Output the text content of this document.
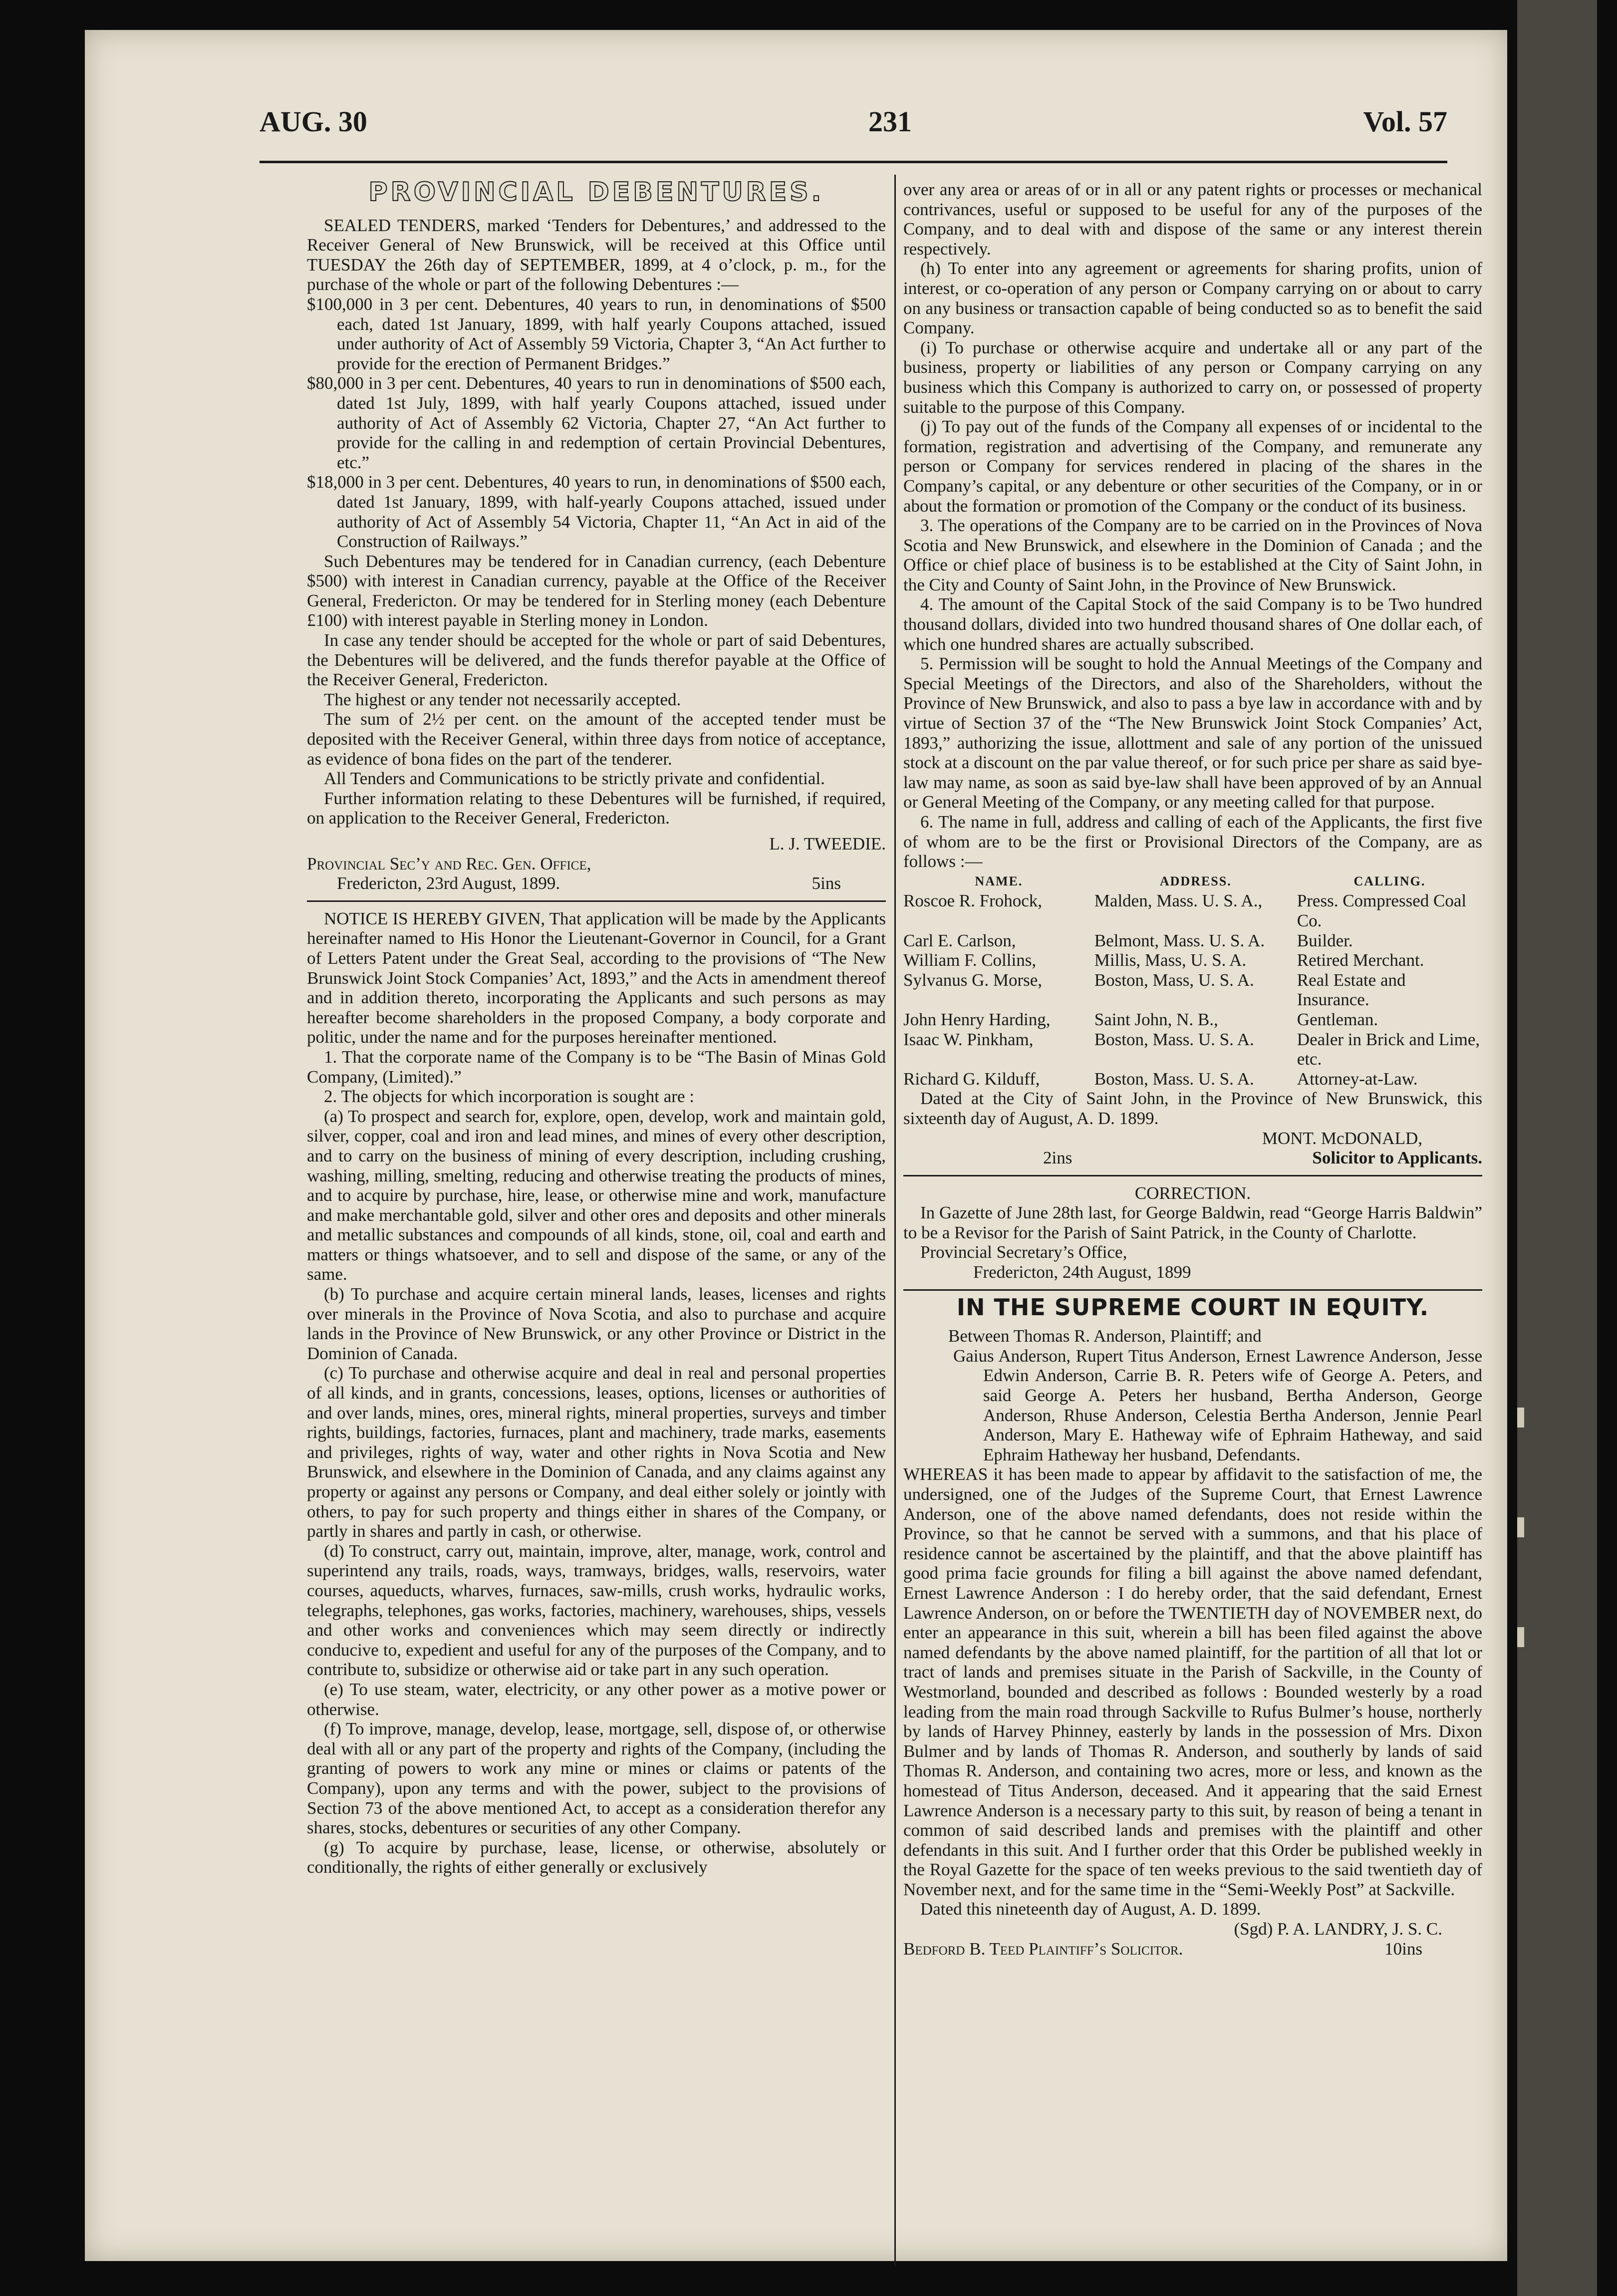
AUG. 30	231	Vol. 57
PROVINCIAL DEBENTURES.

SEALED TENDERS, marked ‘Tenders for Debentures,’ and addressed to the Receiver General of New Brunswick, will be received at this Office until TUESDAY the 26th day of SEPTEMBER, 1899, at 4 o’clock, p. m., for the purchase of the whole or part of the following Debentures :—

$100,000 in 3 per cent. Debentures, 40 years to run, in denominations of $500 each, dated 1st January, 1899, with half yearly Coupons attached, issued under authority of Act of Assembly 59 Victoria, Chapter 3, “An Act further to provide for the erection of Permanent Bridges.”

$80,000 in 3 per cent. Debentures, 40 years to run in denominations of $500 each, dated 1st July, 1899, with half yearly Coupons attached, issued under authority of Act of Assembly 62 Victoria, Chapter 27, “An Act further to provide for the calling in and redemption of certain Provincial Debentures, etc.”

$18,000 in 3 per cent. Debentures, 40 years to run, in denominations of $500 each, dated 1st January, 1899, with half-yearly Coupons attached, issued under authority of Act of Assembly 54 Victoria, Chapter 11, “An Act in aid of the Construction of Railways.”

Such Debentures may be tendered for in Canadian currency, (each Debenture $500) with interest in Canadian currency, payable at the Office of the Receiver General, Fredericton. Or may be tendered for in Sterling money (each Debenture £100) with interest payable in Sterling money in London.

In case any tender should be accepted for the whole or part of said Debentures, the Debentures will be delivered, and the funds therefor payable at the Office of the Receiver General, Fredericton.

The highest or any tender not necessarily accepted.

The sum of 2½ per cent. on the amount of the accepted tender must be deposited with the Receiver General, within three days from notice of acceptance, as evidence of bona fides on the part of the tenderer.

All Tenders and Communications to be strictly private and confidential.

Further information relating to these Debentures will be furnished, if required, on application to the Receiver General, Fredericton.

L. J. TWEEDIE.

Provincial Sec’y and Rec. Gen. Office,

Fredericton, 23rd August, 1899.	5ins

NOTICE IS HEREBY GIVEN, That application will be made by the Applicants hereinafter named to His Honor the Lieutenant-Governor in Council, for a Grant of Letters Patent under the Great Seal, according to the provisions of “The New Brunswick Joint Stock Companies’ Act, 1893,” and the Acts in amendment thereof and in addition thereto, incorporating the Applicants and such persons as may hereafter become shareholders in the proposed Company, a body corporate and politic, under the name and for the purposes hereinafter mentioned.

1. That the corporate name of the Company is to be “The Basin of Minas Gold Company, (Limited).”

2. The objects for which incorporation is sought are :

(a) To prospect and search for, explore, open, develop, work and maintain gold, silver, copper, coal and iron and lead mines, and mines of every other description, and to carry on the business of mining of every description, including crushing, washing, milling, smelting, reducing and otherwise treating the products of mines, and to acquire by purchase, hire, lease, or otherwise mine and work, manufacture and make merchantable gold, silver and other ores and deposits and other minerals and metallic substances and compounds of all kinds, stone, oil, coal and earth and matters or things whatsoever, and to sell and dispose of the same, or any of the same.

(b) To purchase and acquire certain mineral lands, leases, licenses and rights over minerals in the Province of Nova Scotia, and also to purchase and acquire lands in the Province of New Brunswick, or any other Province or District in the Dominion of Canada.

(c) To purchase and otherwise acquire and deal in real and personal properties of all kinds, and in grants, concessions, leases, options, licenses or authorities of and over lands, mines, ores, mineral rights, mineral properties, surveys and timber rights, buildings, factories, furnaces, plant and machinery, trade marks, easements and privileges, rights of way, water and other rights in Nova Scotia and New Brunswick, and elsewhere in the Dominion of Canada, and any claims against any property or against any persons or Company, and deal either solely or jointly with others, to pay for such property and things either in shares of the Company, or partly in shares and partly in cash, or otherwise.

(d) To construct, carry out, maintain, improve, alter, manage, work, control and superintend any trails, roads, ways, tramways, bridges, walls, reservoirs, water courses, aqueducts, wharves, furnaces, saw-mills, crush works, hydraulic works, telegraphs, telephones, gas works, factories, machinery, warehouses, ships, vessels and other works and conveniences which may seem directly or indirectly conducive to, expedient and useful for any of the purposes of the Company, and to contribute to, subsidize or otherwise aid or take part in any such operation.

(e) To use steam, water, electricity, or any other power as a motive power or otherwise.

(f) To improve, manage, develop, lease, mortgage, sell, dispose of, or otherwise deal with all or any part of the property and rights of the Company, (including the granting of powers to work any mine or mines or claims or patents of the Company), upon any terms and with the power, subject to the provisions of Section 73 of the above mentioned Act, to accept as a consideration therefor any shares, stocks, debentures or securities of any other Company.

(g) To acquire by purchase, lease, license, or otherwise, absolutely or conditionally, the rights of either generally or exclusively

over any area or areas of or in all or any patent rights or processes or mechanical contrivances, useful or supposed to be useful for any of the purposes of the Company, and to deal with and dispose of the same or any interest therein respectively.

(h) To enter into any agreement or agreements for sharing profits, union of interest, or co-operation of any person or Company carrying on or about to carry on any business or transaction capable of being conducted so as to benefit the said Company.

(i) To purchase or otherwise acquire and undertake all or any part of the business, property or liabilities of any person or Company carrying on any business which this Company is authorized to carry on, or possessed of property suitable to the purpose of this Company.

(j) To pay out of the funds of the Company all expenses of or incidental to the formation, registration and advertising of the Company, and remunerate any person or Company for services rendered in placing of the shares in the Company’s capital, or any debenture or other securities of the Company, or in or about the formation or promotion of the Company or the conduct of its business.

3. The operations of the Company are to be carried on in the Provinces of Nova Scotia and New Brunswick, and elsewhere in the Dominion of Canada ; and the Office or chief place of business is to be established at the City of Saint John, in the City and County of Saint John, in the Province of New Brunswick.

4. The amount of the Capital Stock of the said Company is to be Two hundred thousand dollars, divided into two hundred thousand shares of One dollar each, of which one hundred shares are actually subscribed.

5. Permission will be sought to hold the Annual Meetings of the Company and Special Meetings of the Directors, and also of the Shareholders, without the Province of New Brunswick, and also to pass a bye law in accordance with and by virtue of Section 37 of the “The New Brunswick Joint Stock Companies’ Act, 1893,” authorizing the issue, allottment and sale of any portion of the unissued stock at a discount on the par value thereof, or for such price per share as said bye-law may name, as soon as said bye-law shall have been approved of by an Annual or General Meeting of the Company, or any meeting called for that purpose.

6. The name in full, address and calling of each of the Applicants, the first five of whom are to be the first or Provisional Directors of the Company, are as follows :—

NAME.	ADDRESS.	CALLING.
Roscoe R. Frohock,	Malden, Mass. U. S. A.,	Press. Compressed Coal Co.
Carl E. Carlson,	Belmont, Mass. U. S. A.	Builder.
William F. Collins,	Millis, Mass, U. S. A.	Retired Merchant.
Sylvanus G. Morse,	Boston, Mass, U. S. A.	Real Estate and Insurance.
John Henry Harding,	Saint John, N. B.,	Gentleman.
Isaac W. Pinkham,	Boston, Mass. U. S. A.	Dealer in Brick and Lime, etc.
Richard G. Kilduff,	Boston, Mass. U. S. A.	Attorney-at-Law.

Dated at the City of Saint John, in the Province of New Brunswick, this sixteenth day of August, A. D. 1899.

MONT. McDONALD,

2ins	Solicitor to Applicants.

CORRECTION.

In Gazette of June 28th last, for George Baldwin, read “George Harris Baldwin” to be a Revisor for the Parish of Saint Patrick, in the County of Charlotte.

Provincial Secretary’s Office,

Fredericton, 24th August, 1899

IN THE SUPREME COURT IN EQUITY.

Between Thomas R. Anderson, Plaintiff; and

Gaius Anderson, Rupert Titus Anderson, Ernest Lawrence Anderson, Jesse Edwin Anderson, Carrie B. R. Peters wife of George A. Peters, and said George A. Peters her husband, Bertha Anderson, George Anderson, Rhuse Anderson, Celestia Bertha Anderson, Jennie Pearl Anderson, Mary E. Hatheway wife of Ephraim Hatheway, and said Ephraim Hatheway her husband, Defendants.

WHEREAS it has been made to appear by affidavit to the satisfaction of me, the undersigned, one of the Judges of the Supreme Court, that Ernest Lawrence Anderson, one of the above named defendants, does not reside within the Province, so that he cannot be served with a summons, and that his place of residence cannot be ascertained by the plaintiff, and that the above plaintiff has good prima facie grounds for filing a bill against the above named defendant, Ernest Lawrence Anderson : I do hereby order, that the said defendant, Ernest Lawrence Anderson, on or before the TWENTIETH day of NOVEMBER next, do enter an appearance in this suit, wherein a bill has been filed against the above named defendants by the above named plaintiff, for the partition of all that lot or tract of lands and premises situate in the Parish of Sackville, in the County of Westmorland, bounded and described as follows : Bounded westerly by a road leading from the main road through Sackville to Rufus Bulmer’s house, northerly by lands of Harvey Phinney, easterly by lands in the possession of Mrs. Dixon Bulmer and by lands of Thomas R. Anderson, and southerly by lands of said Thomas R. Anderson, and containing two acres, more or less, and known as the homestead of Titus Anderson, deceased. And it appearing that the said Ernest Lawrence Anderson is a necessary party to this suit, by reason of being a tenant in common of said described lands and premises with the plaintiff and other defendants in this suit. And I further order that this Order be published weekly in the Royal Gazette for the space of ten weeks previous to the said twentieth day of November next, and for the same time in the “Semi-Weekly Post” at Sackville.

Dated this nineteenth day of August, A. D. 1899.

(Sgd) P. A. LANDRY, J. S. C.

Bedford B. Teed Plaintiff’s Solicitor.	10ins
